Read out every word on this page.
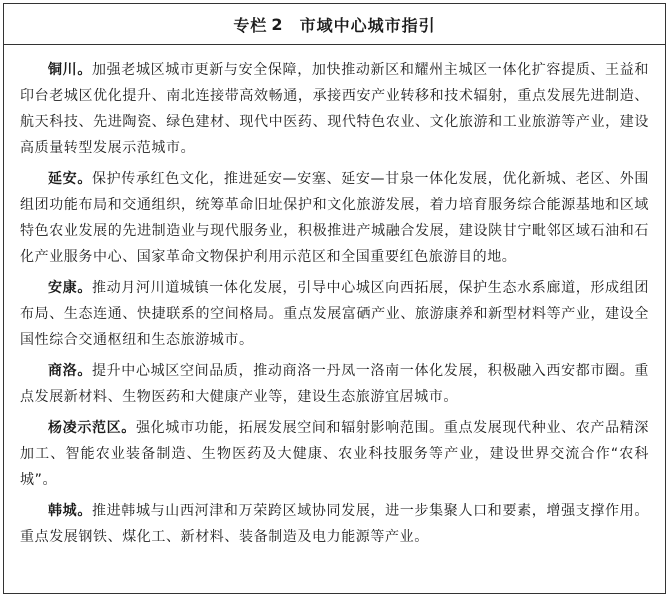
专栏 2 市域中心城市指引

铜川。加强老城区城市更新与安全保障，加快推动新区和耀州主城区一体化扩容提质、王益和印台老城区优化提升、南北连接带高效畅通，承接西安产业转移和技术辐射，重点发展先进制造、航天科技、先进陶瓷、绿色建材、现代中医药、现代特色农业、文化旅游和工业旅游等产业，建设高质量转型发展示范城市。

延安。保护传承红色文化，推进延安—安塞、延安—甘泉一体化发展，优化新城、老区、外围组团功能布局和交通组织，统筹革命旧址保护和文化旅游发展，着力培育服务综合能源基地和区域特色农业发展的先进制造业与现代服务业，积极推进产城融合发展，建设陕甘宁毗邻区域石油和石化产业服务中心、国家革命文物保护利用示范区和全国重要红色旅游目的地。

安康。推动月河川道城镇一体化发展，引导中心城区向西拓展，保护生态水系廊道，形成组团布局、生态连通、快捷联系的空间格局。重点发展富硒产业、旅游康养和新型材料等产业，建设全国性综合交通枢纽和生态旅游城市。

商洛。提升中心城区空间品质，推动商洛一丹凤一洛南一体化发展，积极融入西安都市圈。重点发展新材料、生物医药和大健康产业等，建设生态旅游宜居城市。

杨凌示范区。强化城市功能，拓展发展空间和辐射影响范围。重点发展现代种业、农产品精深加工、智能农业装备制造、生物医药及大健康、农业科技服务等产业，建设世界交流合作“农科城”。

韩城。推进韩城与山西河津和万荣跨区域协同发展，进一步集聚人口和要素，增强支撑作用。重点发展钢铁、煤化工、新材料、装备制造及电力能源等产业。
